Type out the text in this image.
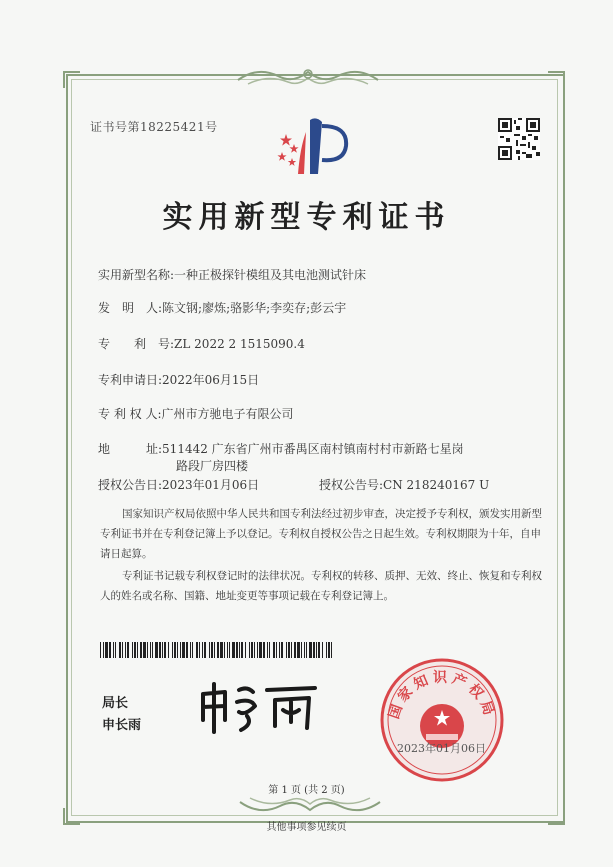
证书号第18225421号
实用新型专利证书
实用新型名称:一种正极探针模组及其电池测试针床
发　明　人:陈文钢;廖炼;骆影华;李奕存;彭云宇
专　　利　号:ZL 2022 2 1515090.4
专利申请日:2022年06月15日
专 利 权 人:广州市方驰电子有限公司
地　　　址:511442 广东省广州市番禺区南村镇南村村市新路七星岗
路段厂房四楼
授权公告日:2023年01月06日	授权公告号:CN 218240167 U
国家知识产权局依照中华人民共和国专利法经过初步审查，决定授予专利权，颁发实用新型专利证书并在专利登记簿上予以登记。专利权自授权公告之日起生效。专利权期限为十年，自申请日起算。
专利证书记载专利权登记时的法律状况。专利权的转移、质押、无效、终止、恢复和专利权人的姓名或名称、国籍、地址变更等事项记载在专利登记簿上。
局长
申长雨
国家知识产权局
2023年01月06日
第 1 页 (共 2 页)
其他事项参见续页
